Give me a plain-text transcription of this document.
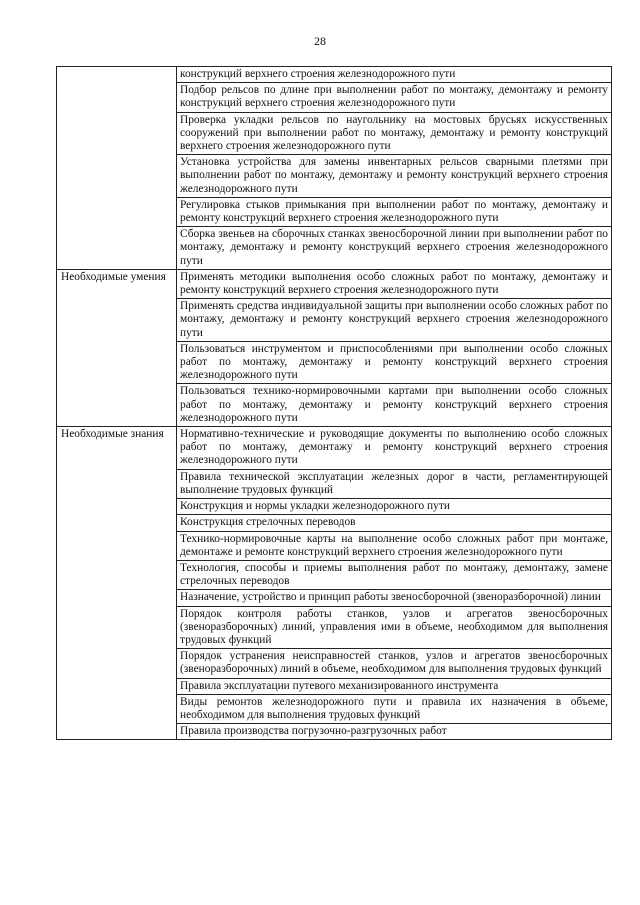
28
	конструкций верхнего строения железнодорожного пути
	Подбор рельсов по длине при выполнении работ по монтажу, демонтажу и ремонту конструкций верхнего строения железнодорожного пути
	Проверка укладки рельсов по наугольнику на мостовых брусьях искусственных сооружений при выполнении работ по монтажу, демонтажу и ремонту конструкций верхнего строения железнодорожного пути
	Установка устройства для замены инвентарных рельсов сварными плетями при выполнении работ по монтажу, демонтажу и ремонту конструкций верхнего строения железнодорожного пути
	Регулировка стыков примыкания при выполнении работ по монтажу, демонтажу и ремонту конструкций верхнего строения железнодорожного пути
	Сборка звеньев на сборочных станках звеносборочной линии при выполнении работ по монтажу, демонтажу и ремонту конструкций верхнего строения железнодорожного пути
Необходимые умения	Применять методики выполнения особо сложных работ по монтажу, демонтажу и ремонту конструкций верхнего строения железнодорожного пути
	Применять средства индивидуальной защиты при выполнении особо сложных работ по монтажу, демонтажу и ремонту конструкций верхнего строения железнодорожного пути
	Пользоваться инструментом и приспособлениями при выполнении особо сложных работ по монтажу, демонтажу и ремонту конструкций верхнего строения железнодорожного пути
	Пользоваться технико-нормировочными картами при выполнении особо сложных работ по монтажу, демонтажу и ремонту конструкций верхнего строения железнодорожного пути
Необходимые знания	Нормативно-технические и руководящие документы по выполнению особо сложных работ по монтажу, демонтажу и ремонту конструкций верхнего строения железнодорожного пути
	Правила технической эксплуатации железных дорог в части, регламентирующей выполнение трудовых функций
	Конструкция и нормы укладки железнодорожного пути
	Конструкция стрелочных переводов
	Технико-нормировочные карты на выполнение особо сложных работ при монтаже, демонтаже и ремонте конструкций верхнего строения железнодорожного пути
	Технология, способы и приемы выполнения работ по монтажу, демонтажу, замене стрелочных переводов
	Назначение, устройство и принцип работы звеносборочной (звеноразборочной) линии
	Порядок контроля работы станков, узлов и агрегатов звеносборочных (звеноразборочных) линий, управления ими в объеме, необходимом для выполнения трудовых функций
	Порядок устранения неисправностей станков, узлов и агрегатов звеносборочных (звеноразборочных) линий в объеме, необходимом для выполнения трудовых функций
	Правила эксплуатации путевого механизированного инструмента
	Виды ремонтов железнодорожного пути и правила их назначения в объеме, необходимом для выполнения трудовых функций
	Правила производства погрузочно-разгрузочных работ
